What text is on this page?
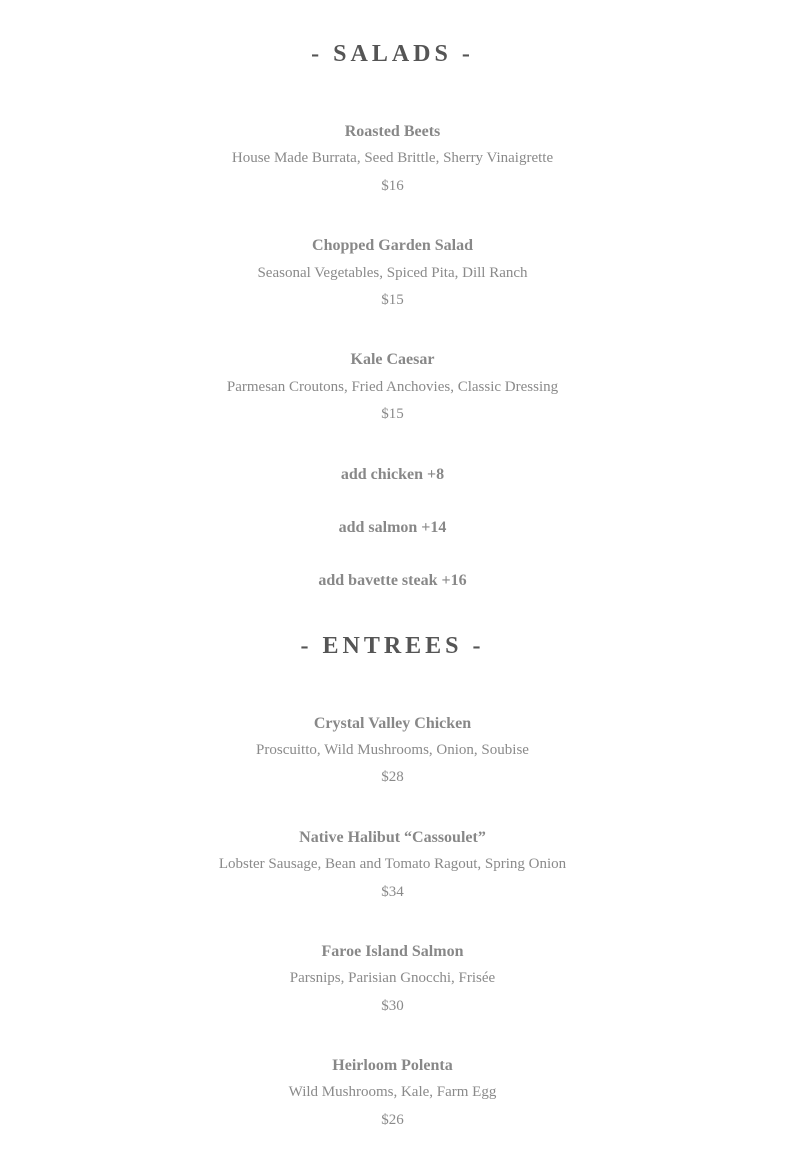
- SALADS -
Roasted Beets
House Made Burrata, Seed Brittle, Sherry Vinaigrette
$16
Chopped Garden Salad
Seasonal Vegetables, Spiced Pita, Dill Ranch
$15
Kale Caesar
Parmesan Croutons, Fried Anchovies, Classic Dressing
$15
add chicken +8
add salmon +14
add bavette steak +16
- ENTREES -
Crystal Valley Chicken
Proscuitto, Wild Mushrooms, Onion, Soubise
$28
Native Halibut “Cassoulet”
Lobster Sausage, Bean and Tomato Ragout, Spring Onion
$34
Faroe Island Salmon
Parsnips, Parisian Gnocchi, Frisée
$30
Heirloom Polenta
Wild Mushrooms, Kale, Farm Egg
$26
